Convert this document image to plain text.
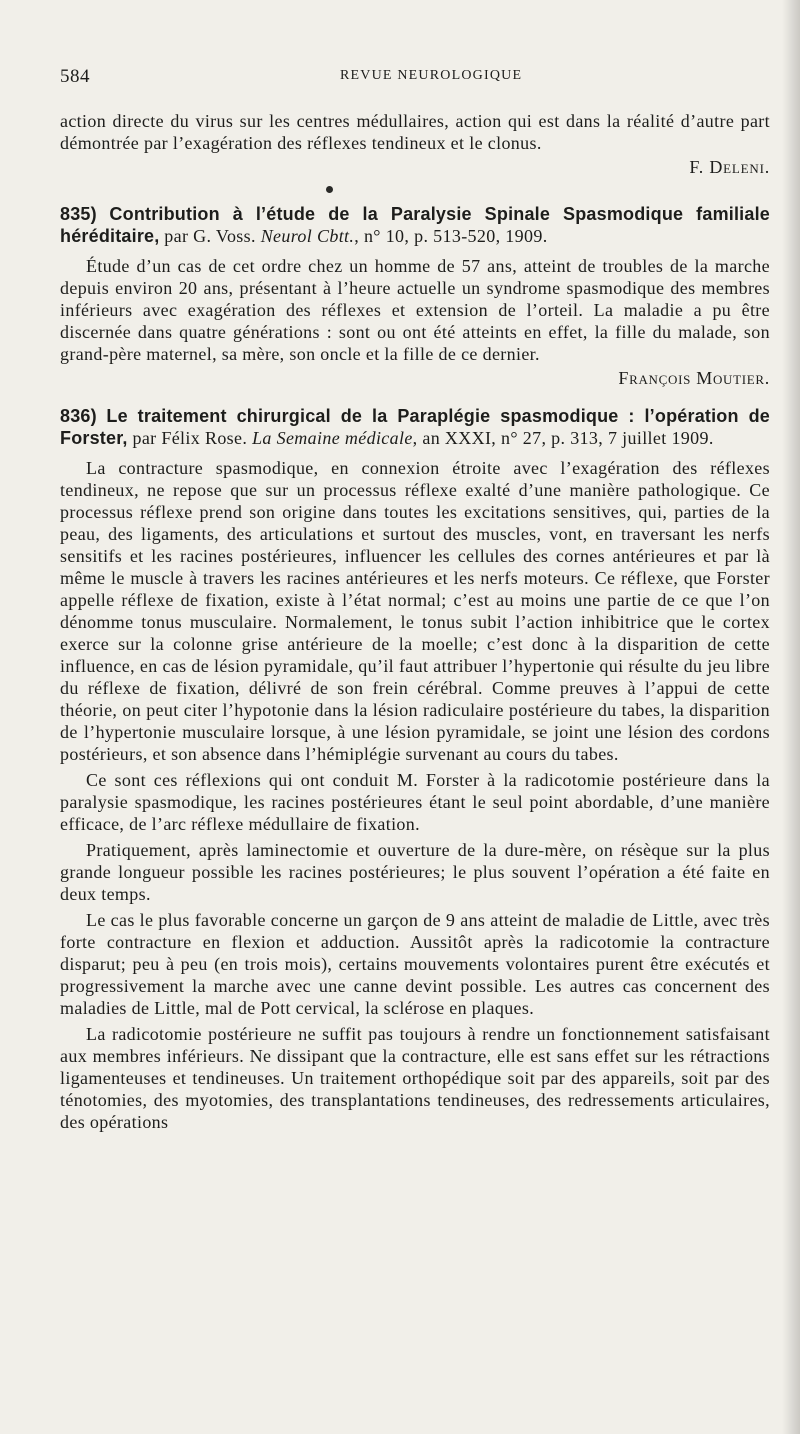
584	REVUE NEUROLOGIQUE

action directe du virus sur les centres médullaires, action qui est dans la réalité d’autre part démontrée par l’exagération des réflexes tendineux et le clonus.

F. Deleni.

835) Contribution à l’étude de la Paralysie Spinale Spasmodique familiale héréditaire, par G. Voss. Neurol Cbtt., n° 10, p. 513-520, 1909.

Étude d’un cas de cet ordre chez un homme de 57 ans, atteint de troubles de la marche depuis environ 20 ans, présentant à l’heure actuelle un syndrome spasmodique des membres inférieurs avec exagération des réflexes et extension de l’orteil. La maladie a pu être discernée dans quatre générations : sont ou ont été atteints en effet, la fille du malade, son grand-père maternel, sa mère, son oncle et la fille de ce dernier.

François Moutier.

836) Le traitement chirurgical de la Paraplégie spasmodique : l’opération de Forster, par Félix Rose. La Semaine médicale, an XXXI, n° 27, p. 313, 7 juillet 1909.

La contracture spasmodique, en connexion étroite avec l’exagération des réflexes tendineux, ne repose que sur un processus réflexe exalté d’une manière pathologique. Ce processus réflexe prend son origine dans toutes les excitations sensitives, qui, parties de la peau, des ligaments, des articulations et surtout des muscles, vont, en traversant les nerfs sensitifs et les racines postérieures, influencer les cellules des cornes antérieures et par là même le muscle à travers les racines antérieures et les nerfs moteurs. Ce réflexe, que Forster appelle réflexe de fixation, existe à l’état normal; c’est au moins une partie de ce que l’on dénomme tonus musculaire. Normalement, le tonus subit l’action inhibitrice que le cortex exerce sur la colonne grise antérieure de la moelle; c’est donc à la disparition de cette influence, en cas de lésion pyramidale, qu’il faut attribuer l’hypertonie qui résulte du jeu libre du réflexe de fixation, délivré de son frein cérébral. Comme preuves à l’appui de cette théorie, on peut citer l’hypotonie dans la lésion radiculaire postérieure du tabes, la disparition de l’hypertonie musculaire lorsque, à une lésion pyramidale, se joint une lésion des cordons postérieurs, et son absence dans l’hémiplégie survenant au cours du tabes.

Ce sont ces réflexions qui ont conduit M. Forster à la radicotomie postérieure dans la paralysie spasmodique, les racines postérieures étant le seul point abordable, d’une manière efficace, de l’arc réflexe médullaire de fixation.

Pratiquement, après laminectomie et ouverture de la dure-mère, on résèque sur la plus grande longueur possible les racines postérieures; le plus souvent l’opération a été faite en deux temps.

Le cas le plus favorable concerne un garçon de 9 ans atteint de maladie de Little, avec très forte contracture en flexion et adduction. Aussitôt après la radicotomie la contracture disparut; peu à peu (en trois mois), certains mouvements volontaires purent être exécutés et progressivement la marche avec une canne devint possible. Les autres cas concernent des maladies de Little, mal de Pott cervical, la sclérose en plaques.

La radicotomie postérieure ne suffit pas toujours à rendre un fonctionnement satisfaisant aux membres inférieurs. Ne dissipant que la contracture, elle est sans effet sur les rétractions ligamenteuses et tendineuses. Un traitement orthopédique soit par des appareils, soit par des ténotomies, des myotomies, des transplantations tendineuses, des redressements articulaires, des opérations
